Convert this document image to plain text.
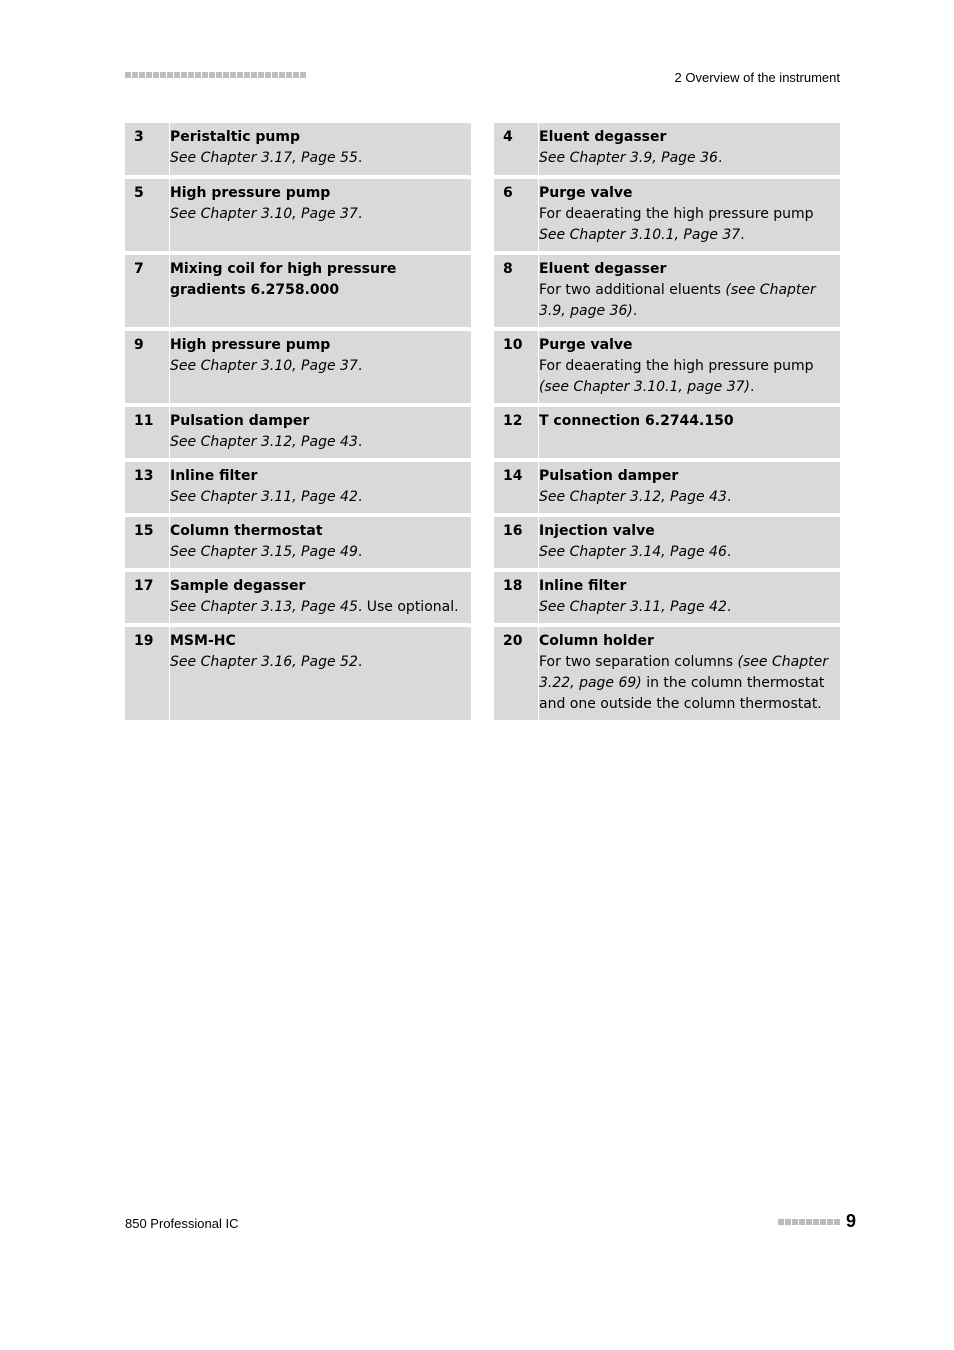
2 Overview of the instrument
3	Peristaltic pump
See Chapter 3.17, Page 55.
5	High pressure pump
See Chapter 3.10, Page 37.
7	Mixing coil for high pressure gradients 6.2758.000
9	High pressure pump
See Chapter 3.10, Page 37.
11	Pulsation damper
See Chapter 3.12, Page 43.
13	Inline filter
See Chapter 3.11, Page 42.
15	Column thermostat
See Chapter 3.15, Page 49.
17	Sample degasser
See Chapter 3.13, Page 45. Use optional.
19	MSM-HC
See Chapter 3.16, Page 52.
4	Eluent degasser
See Chapter 3.9, Page 36.
6	Purge valve
For deaerating the high pressure pump See Chapter 3.10.1, Page 37.
8	Eluent degasser
For two additional eluents (see Chapter 3.9, page 36).
10	Purge valve
For deaerating the high pressure pump (see Chapter 3.10.1, page 37).
12	T connection 6.2744.150
14	Pulsation damper
See Chapter 3.12, Page 43.
16	Injection valve
See Chapter 3.14, Page 46.
18	Inline filter
See Chapter 3.11, Page 42.
20	Column holder
For two separation columns (see Chapter 3.22, page 69) in the column thermostat and one outside the column thermostat.
850 Professional IC	9
